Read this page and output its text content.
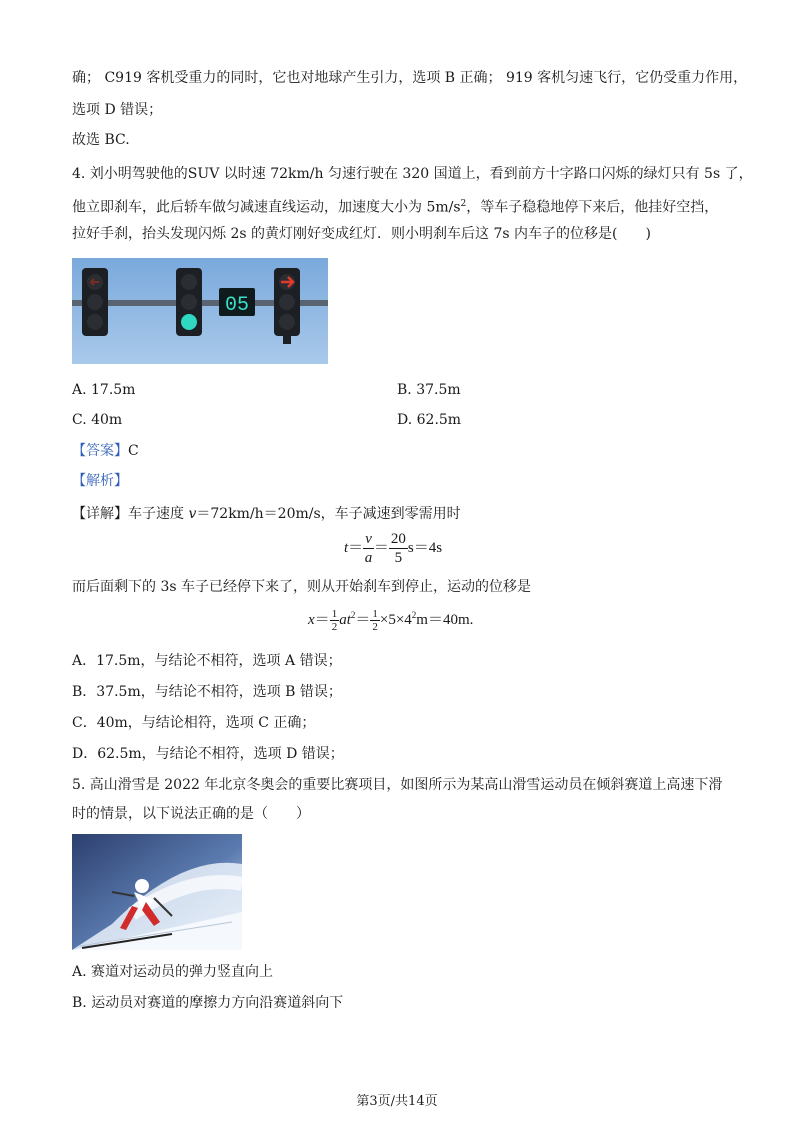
确； C919 客机受重力的同时，它也对地球产生引力，选项 B 正确； 919 客机匀速飞行，它仍受重力作用，
选项 D 错误；
故选 BC.
4. 刘小明驾驶他的SUV 以时速 72km/h 匀速行驶在 320 国道上，看到前方十字路口闪烁的绿灯只有 5s 了，
他立即刹车，此后轿车做匀减速直线运动，加速度大小为 $5m/s^2$，等车子稳稳地停下来后，他挂好空挡，
拉好手刹，抬头发现闪烁 2s 的黄灯刚好变成红灯．则小明刹车后这 7s 内车子的位移是(　　)
05
A. 17.5m	B. 37.5m
C. 40m	D. 62.5m
【答案】C
【解析】
【详解】车子速度 v＝72km/h＝20m/s，车子减速到零需用时
$t= \frac{v}{a} = \frac{20}{5} s=4s$
而后面剩下的 3s 车子已经停下来了，则从开始刹车到停止，运动的位移是
$x= \frac{1}{2} at^2= \frac{1}{2} \times 5\times 4^2m=40m$.
A．17.5m，与结论不相符，选项 A 错误；
B．37.5m，与结论不相符，选项 B 错误；
C．40m，与结论相符，选项 C 正确；
D．62.5m，与结论不相符，选项 D 错误；
5. 高山滑雪是 2022 年北京冬奥会的重要比赛项目，如图所示为某高山滑雪运动员在倾斜赛道上高速下滑
时的情景，以下说法正确的是（　　）
A. 赛道对运动员的弹力竖直向上
B. 运动员对赛道的摩擦力方向沿赛道斜向下
第3页/共14页
